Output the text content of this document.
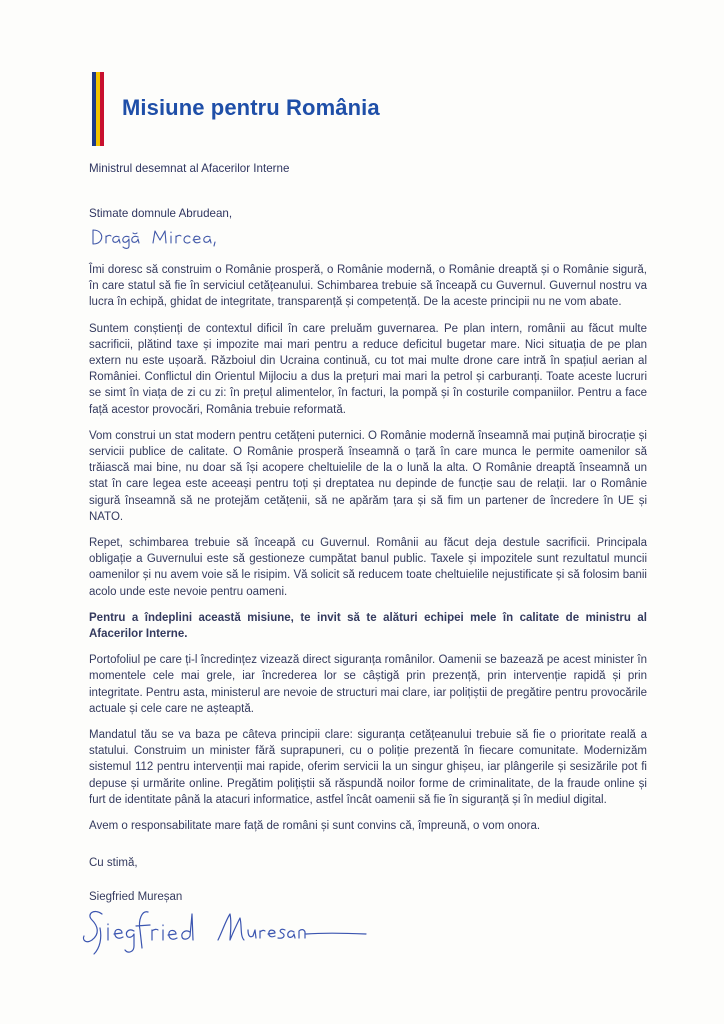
Misiune pentru România
Ministrul desemnat al Afacerilor Interne
Stimate domnule Abrudean,

Îmi doresc să construim o Românie prosperă, o Românie modernă, o Românie dreaptă și o Românie sigură, în care statul să fie în serviciul cetățeanului. Schimbarea trebuie să înceapă cu Guvernul. Guvernul nostru va lucra în echipă, ghidat de integritate, transparență și competență. De la aceste principii nu ne vom abate.

Suntem conștienți de contextul dificil în care preluăm guvernarea. Pe plan intern, românii au făcut multe sacrificii, plătind taxe și impozite mai mari pentru a reduce deficitul bugetar mare. Nici situația de pe plan extern nu este ușoară. Războiul din Ucraina continuă, cu tot mai multe drone care intră în spațiul aerian al României. Conflictul din Orientul Mijlociu a dus la prețuri mai mari la petrol și carburanți. Toate aceste lucruri se simt în viața de zi cu zi: în prețul alimentelor, în facturi, la pompă și în costurile companiilor. Pentru a face față acestor provocări, România trebuie reformată.

Vom construi un stat modern pentru cetățeni puternici. O Românie modernă înseamnă mai puțină birocrație și servicii publice de calitate. O Românie prosperă înseamnă o țară în care munca le permite oamenilor să trăiască mai bine, nu doar să își acopere cheltuielile de la o lună la alta. O Românie dreaptă înseamnă un stat în care legea este aceeași pentru toți și dreptatea nu depinde de funcție sau de relații. Iar o Românie sigură înseamnă să ne protejăm cetățenii, să ne apărăm țara și să fim un partener de încredere în UE și NATO.

Repet, schimbarea trebuie să înceapă cu Guvernul. Românii au făcut deja destule sacrificii. Principala obligație a Guvernului este să gestioneze cumpătat banul public. Taxele și impozitele sunt rezultatul muncii oamenilor și nu avem voie să le risipim. Vă solicit să reducem toate cheltuielile nejustificate și să folosim banii acolo unde este nevoie pentru oameni.

Pentru a îndeplini această misiune, te invit să te alături echipei mele în calitate de ministru al Afacerilor Interne.

Portofoliul pe care ți-l încredințez vizează direct siguranța românilor. Oamenii se bazează pe acest minister în momentele cele mai grele, iar încrederea lor se câștigă prin prezență, prin intervenție rapidă și prin integritate. Pentru asta, ministerul are nevoie de structuri mai clare, iar polițiștii de pregătire pentru provocările actuale și cele care ne așteaptă.

Mandatul tău se va baza pe câteva principii clare: siguranța cetățeanului trebuie să fie o prioritate reală a statului. Construim un minister fără suprapuneri, cu o poliție prezentă în fiecare comunitate. Modernizăm sistemul 112 pentru intervenții mai rapide, oferim servicii la un singur ghișeu, iar plângerile și sesizările pot fi depuse și urmărite online. Pregătim polițiștii să răspundă noilor forme de criminalitate, de la fraude online și furt de identitate până la atacuri informatice, astfel încât oamenii să fie în siguranță și în mediul digital.

Avem o responsabilitate mare față de români și sunt convins că, împreună, o vom onora.

Cu stimă,
Siegfried Mureșan
